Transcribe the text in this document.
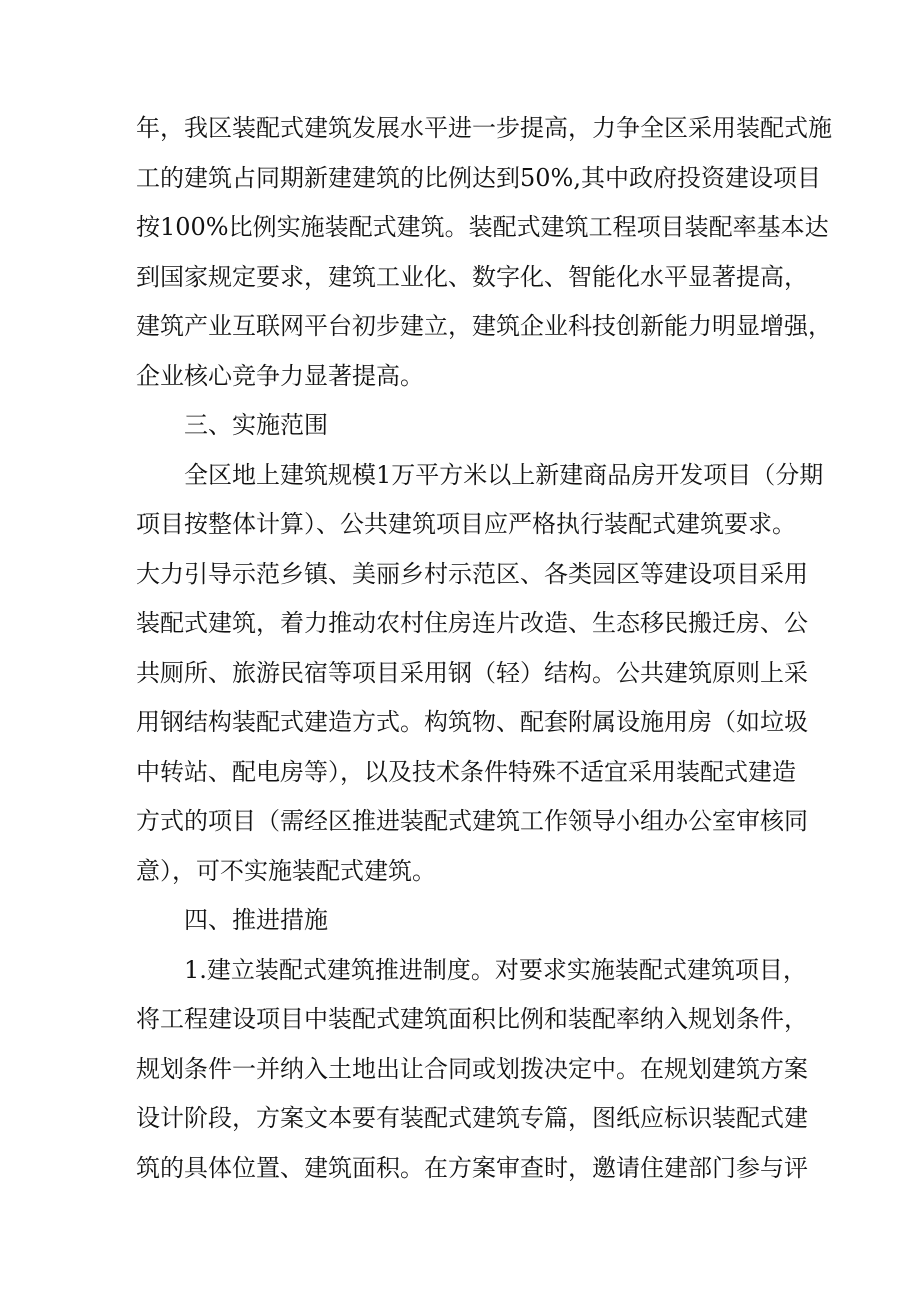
年，我区装配式建筑发展水平进一步提高，力争全区采用装配式施
工的建筑占同期新建建筑的比例达到50%,其中政府投资建设项目
按100%比例实施装配式建筑。装配式建筑工程项目装配率基本达
到国家规定要求，建筑工业化、数字化、智能化水平显著提高，
建筑产业互联网平台初步建立，建筑企业科技创新能力明显增强，
企业核心竞争力显著提高。

三、实施范围

全区地上建筑规模1万平方米以上新建商品房开发项目（分期
项目按整体计算）、公共建筑项目应严格执行装配式建筑要求。
大力引导示范乡镇、美丽乡村示范区、各类园区等建设项目采用
装配式建筑，着力推动农村住房连片改造、生态移民搬迁房、公
共厕所、旅游民宿等项目采用钢（轻）结构。公共建筑原则上采
用钢结构装配式建造方式。构筑物、配套附属设施用房（如垃圾
中转站、配电房等），以及技术条件特殊不适宜采用装配式建造
方式的项目（需经区推进装配式建筑工作领导小组办公室审核同
意），可不实施装配式建筑。

四、推进措施

1.建立装配式建筑推进制度。对要求实施装配式建筑项目，
将工程建设项目中装配式建筑面积比例和装配率纳入规划条件，
规划条件一并纳入土地出让合同或划拨决定中。在规划建筑方案
设计阶段，方案文本要有装配式建筑专篇，图纸应标识装配式建
筑的具体位置、建筑面积。在方案审查时，邀请住建部门参与评
